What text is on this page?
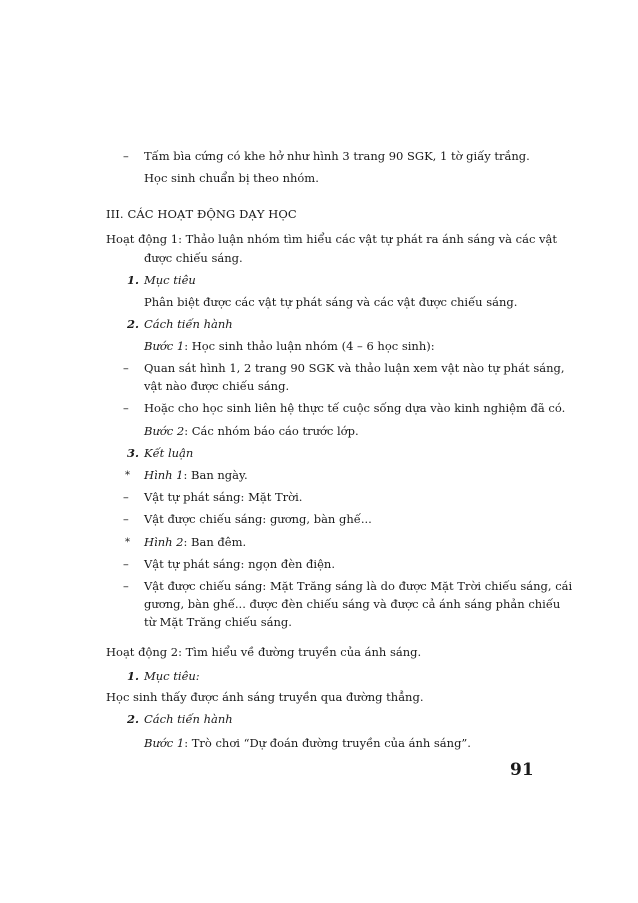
– Tấm bìa cứng có khe hở như hình 3 trang 90 SGK, 1 tờ giấy trắng.
Học sinh chuẩn bị theo nhóm.
III. CÁC HOẠT ĐỘNG DẠY HỌC
Hoạt động 1: Thảo luận nhóm tìm hiểu các vật tự phát ra ánh sáng và các vật
được chiếu sáng.
1. Mục tiêu
Phân biệt được các vật tự phát sáng và các vật được chiếu sáng.
2. Cách tiến hành
Bước 1: Học sinh thảo luận nhóm (4 – 6 học sinh):
– Quan sát hình 1, 2 trang 90 SGK và thảo luận xem vật nào tự phát sáng,
vật nào được chiếu sáng.
– Hoặc cho học sinh liên hệ thực tế cuộc sống dựa vào kinh nghiệm đã có.
Bước 2: Các nhóm báo cáo trước lớp.
3. Kết luận
* Hình 1: Ban ngày.
– Vật tự phát sáng: Mặt Trời.
– Vật được chiếu sáng: gương, bàn ghế...
* Hình 2: Ban đêm.
– Vật tự phát sáng: ngọn đèn điện.
– Vật được chiếu sáng: Mặt Trăng sáng là do được Mặt Trời chiếu sáng, cái
gương, bàn ghế... được đèn chiếu sáng và được cả ánh sáng phản chiếu
từ Mặt Trăng chiếu sáng.
Hoạt động 2: Tìm hiểu về đường truyền của ánh sáng.
1. Mục tiêu:
Học sinh thấy được ánh sáng truyền qua đường thẳng.
2. Cách tiến hành
Bước 1: Trò chơi “Dự đoán đường truyền của ánh sáng”.
91
